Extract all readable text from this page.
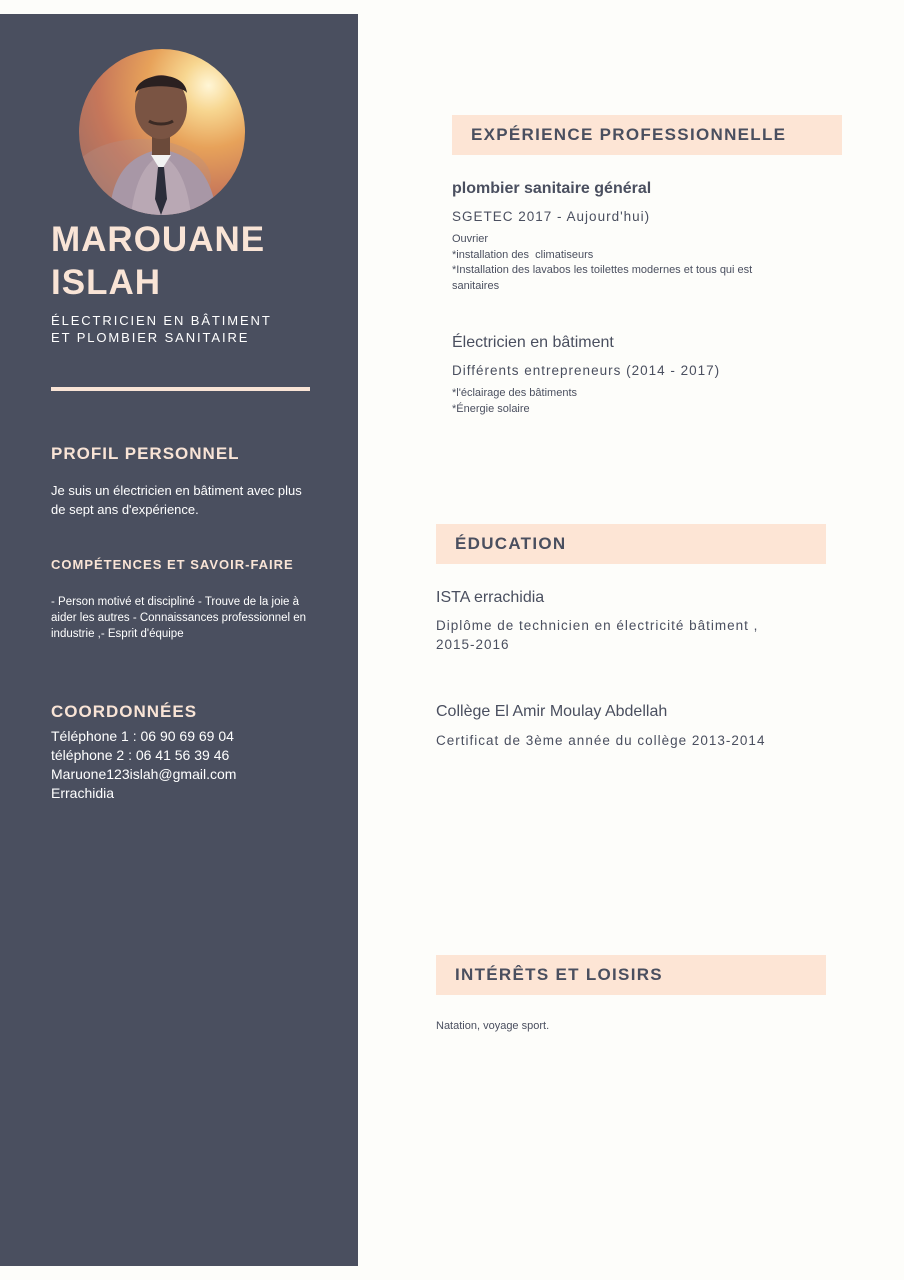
MAROUANE
ISLAH
ÉLECTRICIEN EN BÂTIMENT
ET PLOMBIER SANITAIRE
PROFIL PERSONNEL
Je suis un électricien en bâtiment avec plus de sept ans d'expérience.
COMPÉTENCES ET SAVOIR-FAIRE
- Person motivé et discipliné - Trouve de la joie à aider les autres - Connaissances professionnel en industrie ,- Esprit d'équipe
COORDONNÉES
Téléphone 1 : 06 90 69 69 04
téléphone 2 : 06 41 56 39 46
Maruone123islah@gmail.com
Errachidia
EXPÉRIENCE PROFESSIONNELLE
plombier sanitaire général
SGETEC 2017 - Aujourd'hui)
Ouvrier
*installation des  climatiseurs
*Installation des lavabos les toilettes modernes et tous qui est
sanitaires
Électricien en bâtiment
Différents entrepreneurs (2014 - 2017)
*l'éclairage des bâtiments
*Énergie solaire
ÉDUCATION
ISTA errachidia
Diplôme de technicien en électricité bâtiment ,
2015-2016
Collège El Amir Moulay Abdellah
Certificat de 3ème année du collège 2013-2014
INTÉRÊTS ET LOISIRS
Natation, voyage sport.
